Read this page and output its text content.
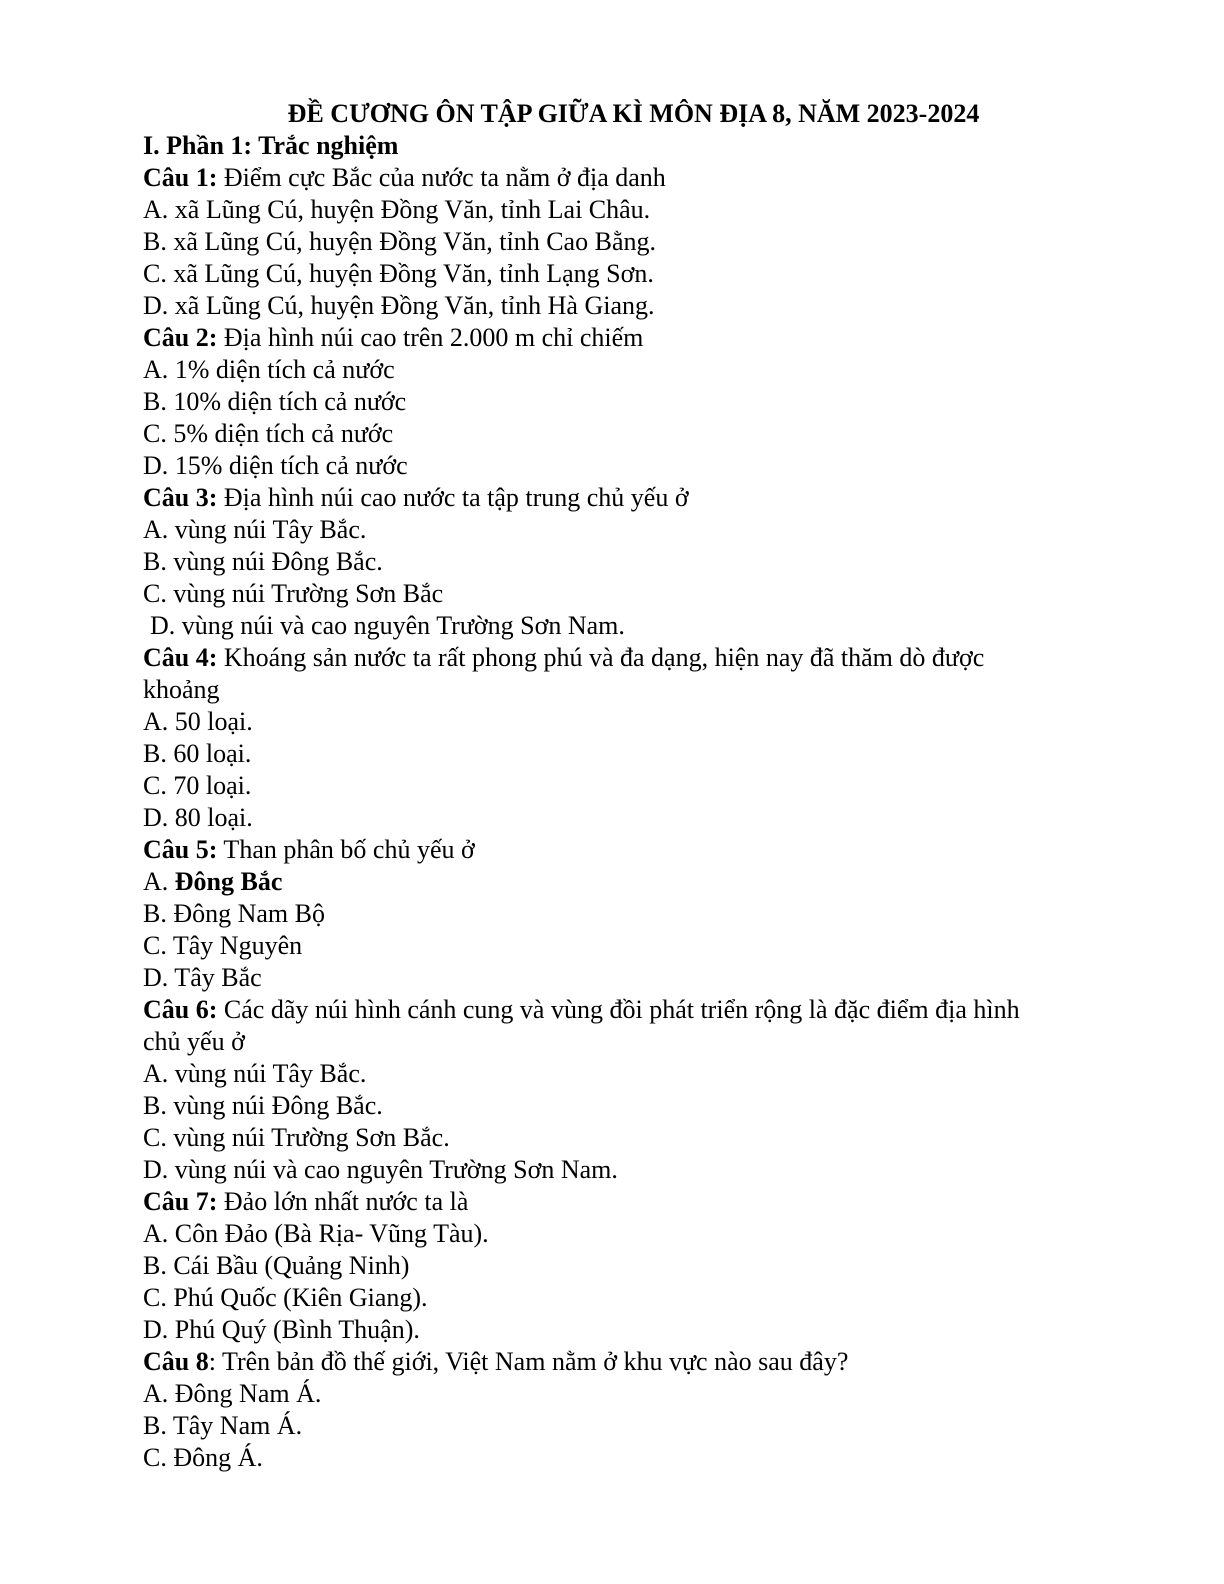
ĐỀ CƯƠNG ÔN TẬP GIỮA KÌ MÔN ĐỊA 8, NĂM 2023-2024
I. Phần 1: Trắc nghiệm
Câu 1: Điểm cực Bắc của nước ta nằm ở địa danh
A. xã Lũng Cú, huyện Đồng Văn, tỉnh Lai Châu.
B. xã Lũng Cú, huyện Đồng Văn, tỉnh Cao Bằng.
C. xã Lũng Cú, huyện Đồng Văn, tỉnh Lạng Sơn.
D. xã Lũng Cú, huyện Đồng Văn, tỉnh Hà Giang.
Câu 2: Địa hình núi cao trên 2.000 m chỉ chiếm
A. 1% diện tích cả nước
B. 10% diện tích cả nước
C. 5% diện tích cả nước
D. 15% diện tích cả nước
Câu 3: Địa hình núi cao nước ta tập trung chủ yếu ở
A. vùng núi Tây Bắc.
B. vùng núi Đông Bắc.
C. vùng núi Trường Sơn Bắc
D. vùng núi và cao nguyên Trường Sơn Nam.
Câu 4: Khoáng sản nước ta rất phong phú và đa dạng, hiện nay đã thăm dò được
khoảng
A. 50 loại.
B. 60 loại.
C. 70 loại.
D. 80 loại.
Câu 5: Than phân bố chủ yếu ở
A. Đông Bắc
B. Đông Nam Bộ
C. Tây Nguyên
D. Tây Bắc
Câu 6: Các dãy núi hình cánh cung và vùng đồi phát triển rộng là đặc điểm địa hình
chủ yếu ở
A. vùng núi Tây Bắc.
B. vùng núi Đông Bắc.
C. vùng núi Trường Sơn Bắc.
D. vùng núi và cao nguyên Trường Sơn Nam.
Câu 7: Đảo lớn nhất nước ta là
A. Côn Đảo (Bà Rịa- Vũng Tàu).
B. Cái Bầu (Quảng Ninh)
C. Phú Quốc (Kiên Giang).
D. Phú Quý (Bình Thuận).
Câu 8: Trên bản đồ thế giới, Việt Nam nằm ở khu vực nào sau đây?
A. Đông Nam Á.
B. Tây Nam Á.
C. Đông Á.
